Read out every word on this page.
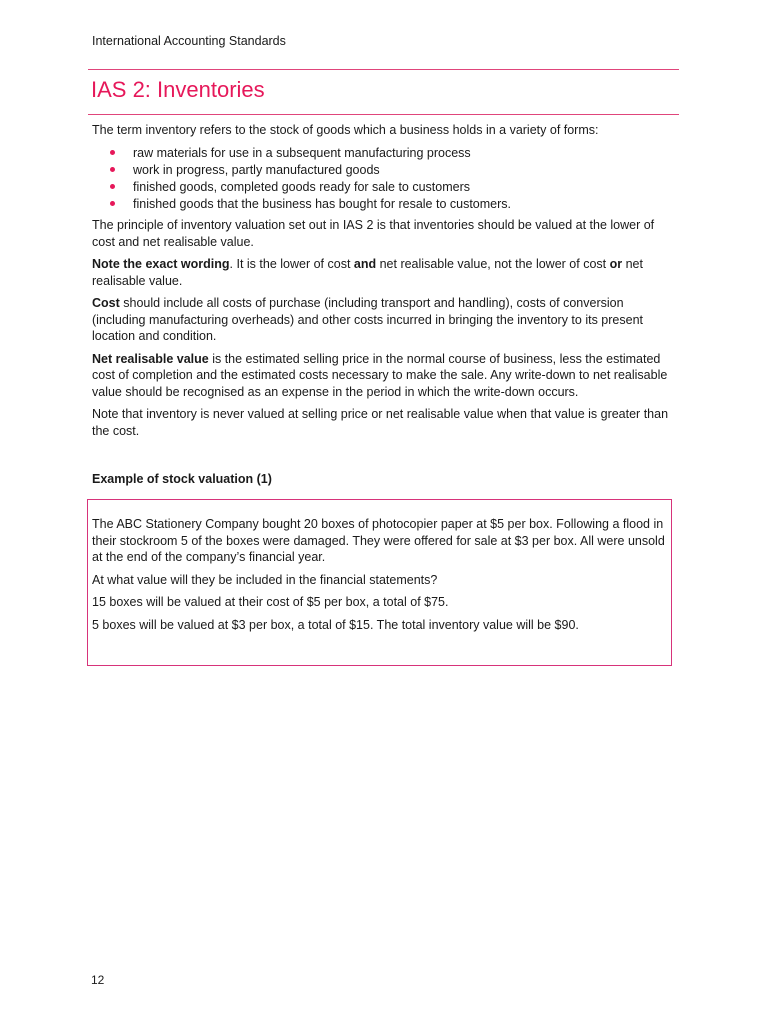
International Accounting Standards
IAS 2: Inventories

The term inventory refers to the stock of goods which a business holds in a variety of forms:

raw materials for use in a subsequent manufacturing process
work in progress, partly manufactured goods
finished goods, completed goods ready for sale to customers
finished goods that the business has bought for resale to customers.

The principle of inventory valuation set out in IAS 2 is that inventories should be valued at the lower of cost and net realisable value.

Note the exact wording. It is the lower of cost and net realisable value, not the lower of cost or net realisable value.

Cost should include all costs of purchase (including transport and handling), costs of conversion (including manufacturing overheads) and other costs incurred in bringing the inventory to its present location and condition.

Net realisable value is the estimated selling price in the normal course of business, less the estimated cost of completion and the estimated costs necessary to make the sale. Any write-down to net realisable value should be recognised as an expense in the period in which the write-down occurs.

Note that inventory is never valued at selling price or net realisable value when that value is greater than the cost.

Example of stock valuation (1)

The ABC Stationery Company bought 20 boxes of photocopier paper at $5 per box. Following a flood in their stockroom 5 of the boxes were damaged. They were offered for sale at $3 per box. All were unsold at the end of the company’s financial year.

At what value will they be included in the financial statements?

15 boxes will be valued at their cost of $5 per box, a total of $75.

5 boxes will be valued at $3 per box, a total of $15. The total inventory value will be $90.

12
